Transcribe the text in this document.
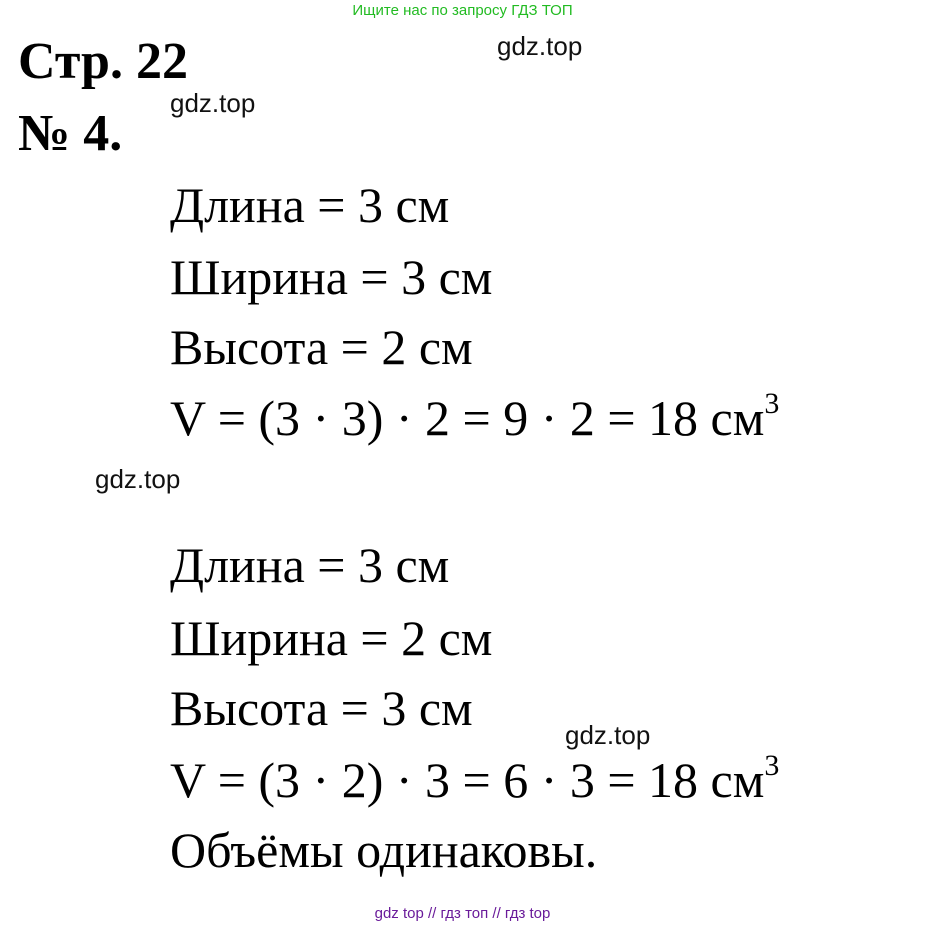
Ищите нас по запросу ГДЗ ТОП
Стр. 22
№ 4.
gdz.top
gdz.top
gdz.top
gdz.top
Длина = 3 см
Ширина = 3 см
Высота = 2 см
V = (3 · 3) · 2 = 9 · 2 = 18 $см^3$
Длина = 3 см
Ширина = 2 см
Высота = 3 см
V = (3 · 2) · 3 = 6 · 3 = 18 $см^3$
Объёмы одинаковы.
gdz top // гдз топ // гдз top
